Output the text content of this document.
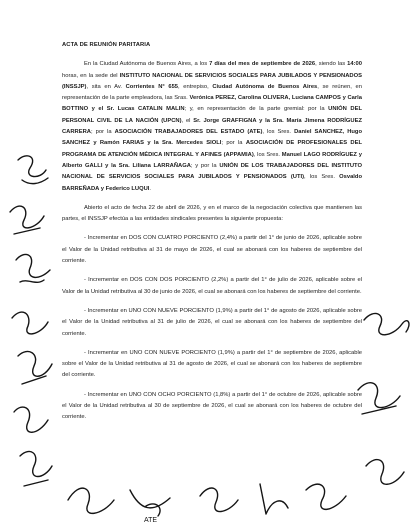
ACTA DE REUNIÓN PARITARIA

En la Ciudad Autónoma de Buenos Aires, a los 7 días del mes de septiembre de 2026, siendo las 14:00 horas, en la sede del INSTITUTO NACIONAL DE SERVICIOS SOCIALES PARA JUBILADOS Y PENSIONADOS (INSSJP), sita en Av. Corrientes N° 655, entrepiso, Ciudad Autónoma de Buenos Aires, se reúnen, en representación de la parte empleadora, las Sras. Verónica PEREZ, Carolina OLIVERA, Luciana CAMPOS y Carla BOTTINO y el Sr. Lucas CATALIN MALIN; y, en representación de la parte gremial: por la UNIÓN DEL PERSONAL CIVIL DE LA NACIÓN (UPCN), el Sr. Jorge GRAFFIGNA y la Sra. María Jimena RODRÍGUEZ CARRERA; por la ASOCIACIÓN TRABAJADORES DEL ESTADO (ATE), los Sres. Daniel SANCHEZ, Hugo SANCHEZ y Ramón FARIAS y la Sra. Mercedes SIOLI; por la ASOCIACIÓN DE PROFESIONALES DEL PROGRAMA DE ATENCIÓN MÉDICA INTEGRAL Y AFINES (APPAMIA), los Sres. Manuel LAGO RODRÍGUEZ y Alberto GALLI y la Sra. Liliana LARRAÑAGA; y por la UNIÓN DE LOS TRABAJADORES DEL INSTITUTO NACIONAL DE SERVICIOS SOCIALES PARA JUBILADOS Y PENSIONADOS (UTI), los Sres. Osvaldo BARREÑADA y Federico LUQUI.

Abierto el acto de fecha 22 de abril de 2026, y en el marco de la negociación colectiva que mantienen las partes, el INSSJP efectúa a las entidades sindicales presentes la siguiente propuesta:

- Incrementar en DOS CON CUATRO PORCIENTO (2,4%) a partir del 1° de junio de 2026, aplicable sobre el Valor de la Unidad retributiva al 31 de mayo de 2026, el cual se abonará con los haberes de septiembre del corriente.
- Incrementar en DOS CON DOS PORCIENTO (2,2%) a partir del 1° de julio de 2026, aplicable sobre el Valor de la Unidad retributiva al 30 de junio de 2026, el cual se abonará con los haberes de septiembre del corriente.
- Incrementar en UNO CON NUEVE PORCIENTO (1,9%) a partir del 1° de agosto de 2026, aplicable sobre el Valor de la Unidad retributiva al 31 de julio de 2026, el cual se abonará con los haberes de septiembre del corriente.
- Incrementar en UNO CON NUEVE PORCIENTO (1,9%) a partir del 1° de septiembre de 2026, aplicable sobre el Valor de la Unidad retributiva al 31 de agosto de 2026, el cual se abonará con los haberes de septiembre del corriente.
- Incrementar en UNO CON OCHO PORCIENTO (1,8%) a partir del 1° de octubre de 2026, aplicable sobre el Valor de la Unidad retributiva al 30 de septiembre de 2026, el cual se abonará con los haberes de octubre del corriente.
ATE
